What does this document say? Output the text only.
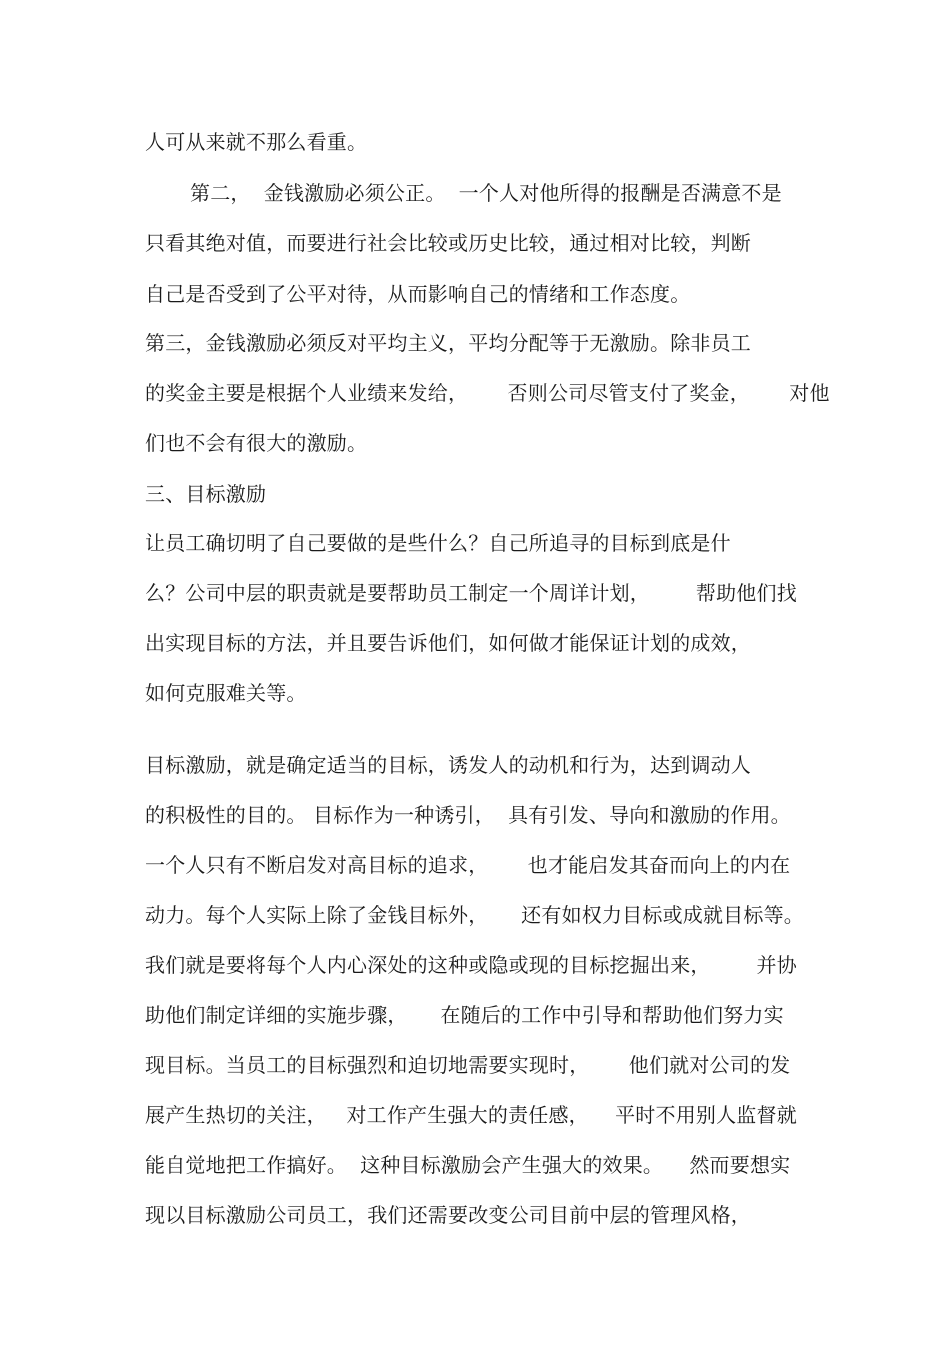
人可从来就不那么看重。
第二，  金钱激励必须公正。  一个人对他所得的报酬是否满意不是
只看其绝对值，而要进行社会比较或历史比较，通过相对比较，判断
自己是否受到了公平对待，从而影响自己的情绪和工作态度。
第三，金钱激励必须反对平均主义，平均分配等于无激励。除非员工
的奖金主要是根据个人业绩来发给，      否则公司尽管支付了奖金，      对他
们也不会有很大的激励。
三、目标激励
让员工确切明了自己要做的是些什么？自己所追寻的目标到底是什
么？公司中层的职责就是要帮助员工制定一个周详计划，       帮助他们找
出实现目标的方法，并且要告诉他们，如何做才能保证计划的成效，
如何克服难关等。
目标激励，就是确定适当的目标，诱发人的动机和行为，达到调动人
的积极性的目的。 目标作为一种诱引，  具有引发、导向和激励的作用。
一个人只有不断启发对高目标的追求，      也才能启发其奋而向上的内在
动力。每个人实际上除了金钱目标外，     还有如权力目标或成就目标等。
我们就是要将每个人内心深处的这种或隐或现的目标挖掘出来，       并协
助他们制定详细的实施步骤，     在随后的工作中引导和帮助他们努力实
现目标。当员工的目标强烈和迫切地需要实现时，      他们就对公司的发
展产生热切的关注，   对工作产生强大的责任感，    平时不用别人监督就
能自觉地把工作搞好。  这种目标激励会产生强大的效果。    然而要想实
现以目标激励公司员工，我们还需要改变公司目前中层的管理风格，
